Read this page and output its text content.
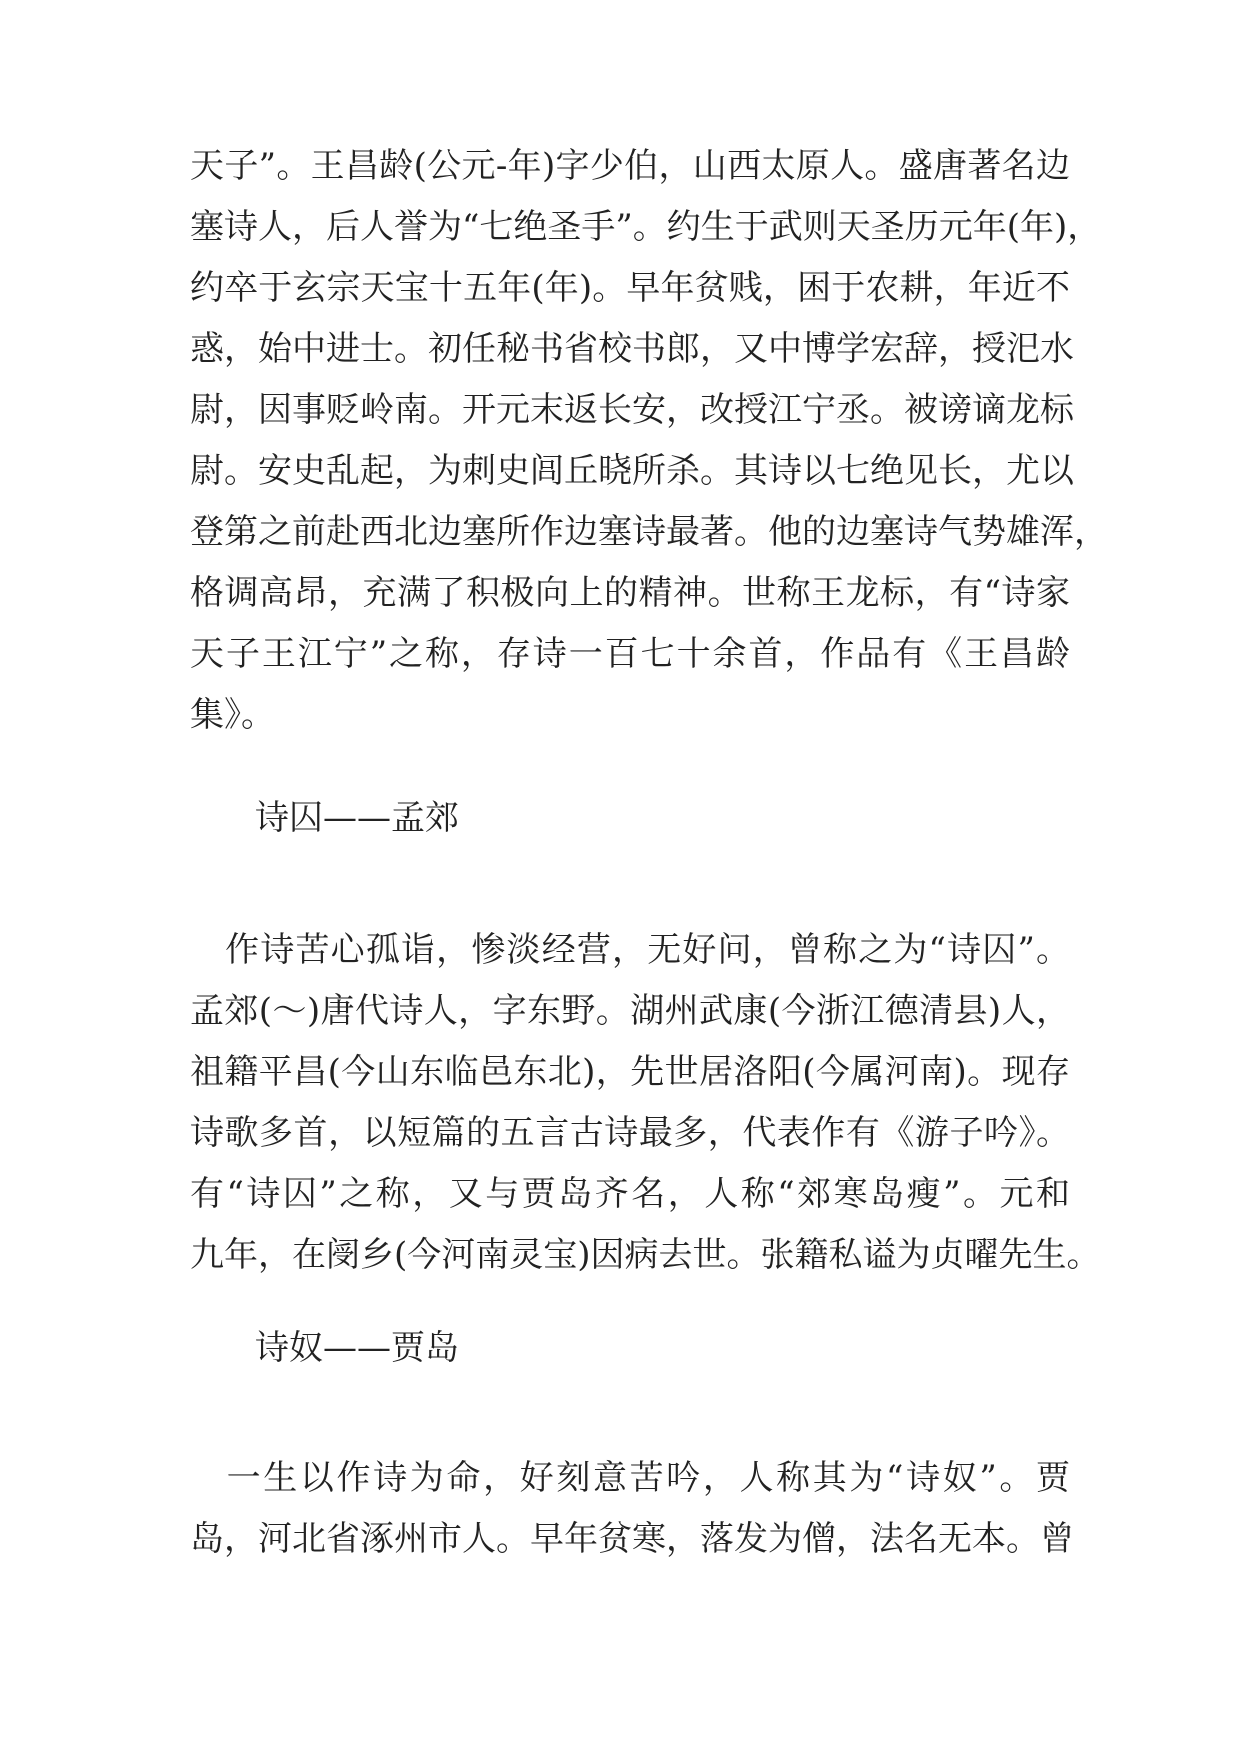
天子”。王昌龄(公元-年)字少伯，山西太原人。盛唐著名边
塞诗人，后人誉为“七绝圣手”。约生于武则天圣历元年(年)，
约卒于玄宗天宝十五年(年)。早年贫贱，困于农耕，年近不
惑，始中进士。初任秘书省校书郎，又中博学宏辞，授汜水
尉，因事贬岭南。开元末返长安，改授江宁丞。被谤谪龙标
尉。安史乱起，为刺史闾丘晓所杀。其诗以七绝见长，尤以
登第之前赴西北边塞所作边塞诗最著。他的边塞诗气势雄浑，
格调高昂，充满了积极向上的精神。世称王龙标，有“诗家
天子王江宁”之称，存诗一百七十余首，作品有《王昌龄
集》。
诗囚——孟郊
　作诗苦心孤诣，惨淡经营，无好问，曾称之为“诗囚”。
孟郊(～)唐代诗人，字东野。湖州武康(今浙江德清县)人，
祖籍平昌(今山东临邑东北)，先世居洛阳(今属河南)。现存
诗歌多首，以短篇的五言古诗最多，代表作有《游子吟》。
有“诗囚”之称，又与贾岛齐名，人称“郊寒岛瘦”。元和
九年，在阌乡(今河南灵宝)因病去世。张籍私谥为贞曜先生。
诗奴——贾岛
　一生以作诗为命，好刻意苦吟，人称其为“诗奴”。贾
岛，河北省涿州市人。早年贫寒，落发为僧，法名无本。曾
